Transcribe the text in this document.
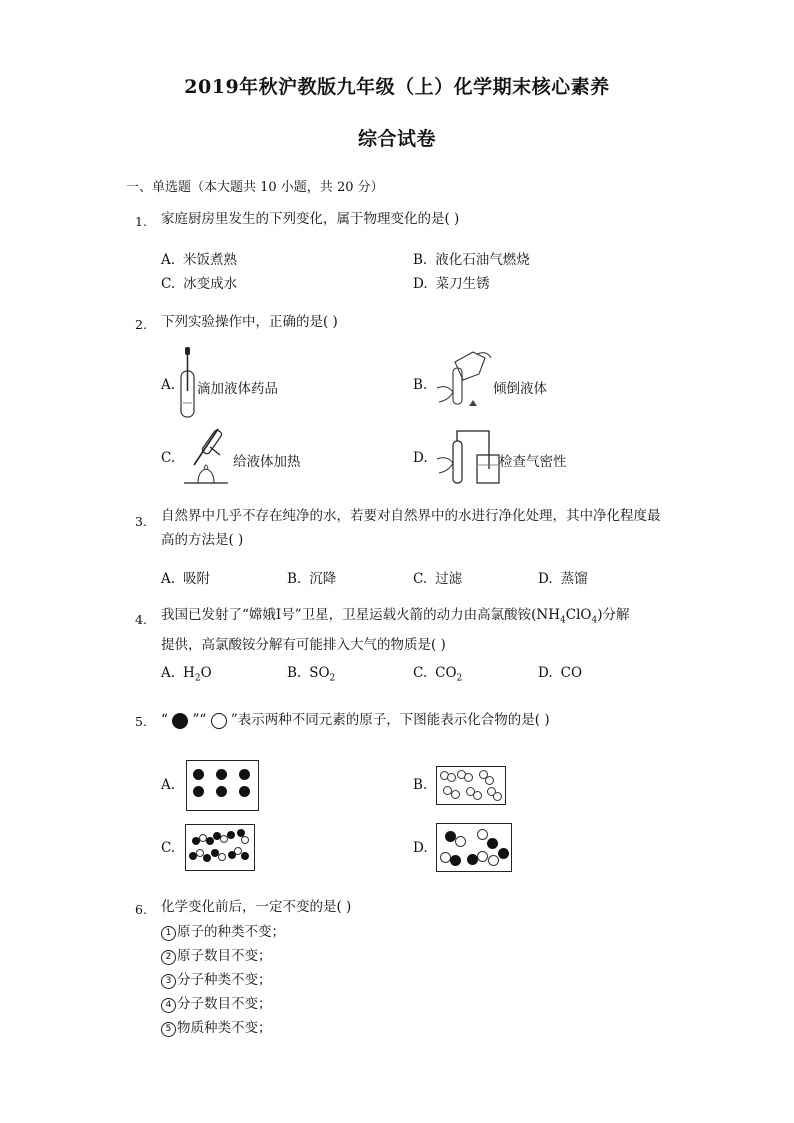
2019年秋沪教版九年级（上）化学期末核心素养
综合试卷
一、单选题（本大题共 10 小题，共 20 分）
1. 家庭厨房里发生的下列变化，属于物理变化的是( )
A. 米饭煮熟	B. 液化石油气燃烧
C. 冰变成水	D. 菜刀生锈
2. 下列实验操作中，正确的是( )
A. 滴加液体药品	B.	倾倒液体
C.	给液体加热	D.	检查气密性
3. 自然界中几乎不存在纯净的水，若要对自然界中的水进行净化处理，其中净化程度最高的方法是( )
A. 吸附	B. 沉降	C. 过滤	D. 蒸馏
4. 我国已发射了“嫦娥Ⅰ号”卫星，卫星运载火箭的动力由高氯酸铵$(NH_4ClO_4)$分解
提供，高氯酸铵分解有可能排入大气的物质是( )
A. $H_2O$	B. $SO_2$	C. $CO_2$	D. CO
5. “ ”“ ”表示两种不同元素的原子，下图能表示化合物的是( )
A.	B.
C.	D.
6. 化学变化前后，一定不变的是( )
1 原子的种类不变；
2 原子数目不变；
3 分子种类不变；
4 分子数目不变；
5 物质种类不变；
